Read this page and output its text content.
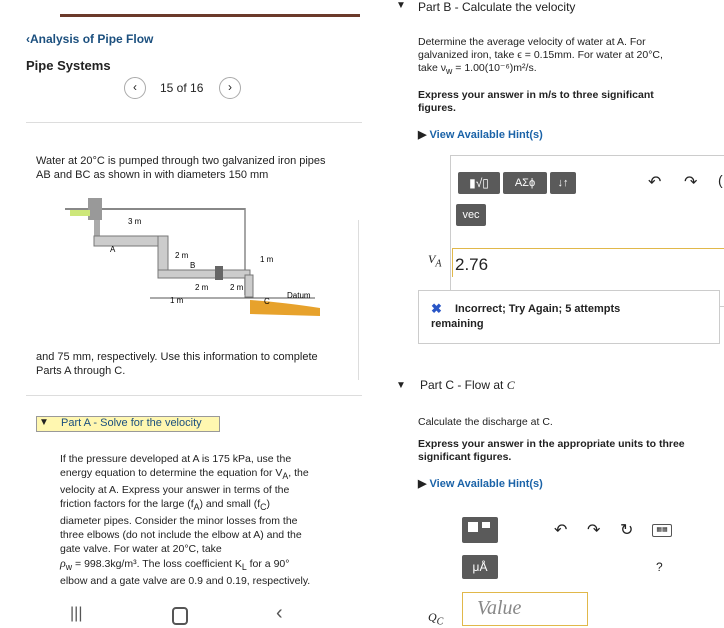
‹Analysis of Pipe Flow
Pipe Systems
‹	15 of 16	›
Water at 20°C is pumped through two galvanized iron pipes AB and BC as shown in with diameters 150 mm
3 m
A
2 m
B
1 m
2 m	2 m
1 m	C
Datum
and 75 mm, respectively. Use this information to complete Parts A through C.
▼ Part A - Solve for the velocity
If the pressure developed at A is 175 kPa, use the
energy equation to determine the equation for $V_A$, the
velocity at A. Express your answer in terms of the
friction factors for the large $(f_A)$ and small $(f_C)$
diameter pipes. Consider the minor losses from the
three elbows (do not include the elbow at A) and the
gate valve. For water at 20°C, take
$\rho_w = 998.3kg/m^3$. The loss coefficient $K_L$ for a 90°
elbow and a gate valve are 0.9 and 0.19, respectively.
|||	‹
▼ Part B - Calculate the velocity
Determine the average velocity of water at A. For
galvanized iron, take ϵ = 0.15mm. For water at 20°C,
take $\nu_w = 1.00(10^{-6})m^2/s$.
Express your answer in m/s to three significant
figures.
▶ View Available Hint(s)
▮√▯	ΑΣϕ	↓↑	↶ ↷ (
vec
$V_A$ 2.76
✖ Incorrect; Try Again; 5 attempts
remaining
▼ Part C - Flow at C
Calculate the discharge at C.
Express your answer in the appropriate units to three
significant figures.
▶ View Available Hint(s)
μÅ
↶ ↷ ↻	▦▦
?
$Q_C$
Value
